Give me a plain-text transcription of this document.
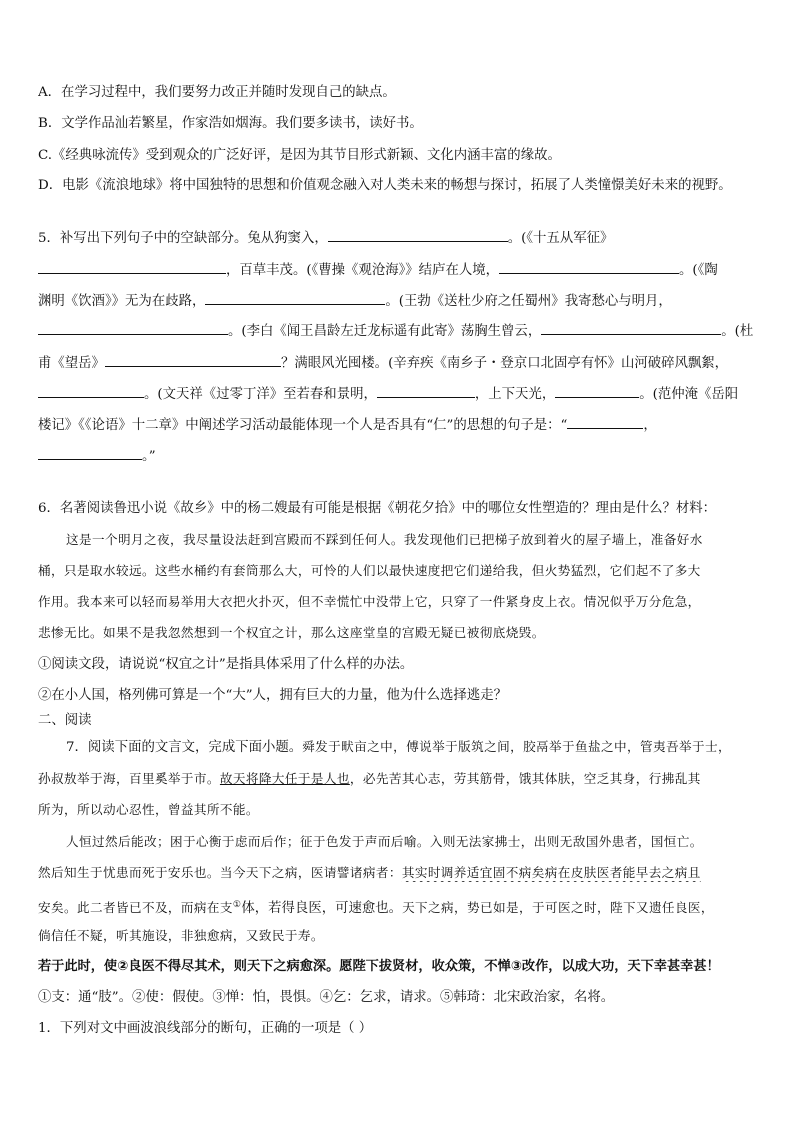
A．在学习过程中，我们要努力改正并随时发现自己的缺点。
B．文学作品汕若繁星，作家浩如烟海。我们要多读书，读好书。
C.《经典咏流传》受到观众的广泛好评，是因为其节目形式新颖、文化内涵丰富的缘故。
D．电影《流浪地球》将中国独特的思想和价值观念融入对人类未来的畅想与探讨，拓展了人类憧憬美好未来的视野。
5．补写出下列句子中的空缺部分。兔从狗窦入，	。(《十五从军征》
，百草丰茂。(《曹操《观沧海》》结庐在人境，	。(《陶
渊明《饮酒》》无为在歧路，	。(王勃《送杜少府之任蜀州》我寄愁心与明月，
。(李白《闻王昌龄左迁龙标遥有此寄》荡胸生曾云，	。(杜
甫《望岳》	？满眼风光囤楼。(辛弃疾《南乡子・登京口北固亭有怀》山河破碎风飘絮，
。(文天祥《过零丁洋》至若春和景明，	，上下天光，	。(范仲淹《岳阳
楼记》《《论语》十二章》中阐述学习活动最能体现一个人是否具有“仁”的思想的句子是：“	，
。”
6．名著阅读鲁迅小说《故乡》中的杨二嫂最有可能是根据《朝花夕拾》中的哪位女性塑造的？理由是什么？材料：
这是一个明月之夜，我尽量设法赶到宫殿而不踩到任何人。我发现他们已把梯子放到着火的屋子墙上，准备好水
桶，只是取水较远。这些水桶约有套筒那么大，可怜的人们以最快速度把它们递给我，但火势猛烈，它们起不了多大
作用。我本来可以轻而易举用大衣把火扑灭，但不幸慌忙中没带上它，只穿了一件紧身皮上衣。情况似乎万分危急，
悲惨无比。如果不是我忽然想到一个权宜之计，那么这座堂皇的宫殿无疑已被彻底烧毁。
①阅读文段，请说说“权宜之计”是指具体采用了什么样的办法。
②在小人国，格列佛可算是一个“大”人，拥有巨大的力量，他为什么选择逃走？
二、阅读
7．阅读下面的文言文，完成下面小题。舜发于畎亩之中，傅说举于版筑之间，胶鬲举于鱼盐之中，管夷吾举于士，
孙叔敖举于海，百里奚举于市。故天将降大任于是人也，必先苦其心志，劳其筋骨，饿其体肤，空乏其身，行拂乱其
所为，所以动心忍性，曾益其所不能。
人恒过然后能改；困于心衡于虑而后作；征于色发于声而后喻。入则无法家拂士，出则无敌国外患者，国恒亡。
然后知生于忧患而死于安乐也。当今天下之病，医请譬诸病者：其实时调养适宜固不病矣病在皮肤医者能早去之病且
安矣。此二者皆已不及，而病在支①体，若得良医，可速愈也。天下之病，势已如是，于可医之时，陛下又遗任良医，
倘信任不疑，听其施设，非独愈病，又致民于寿。
若于此时，使②良医不得尽其术，则天下之病愈深。愿陛下拔贤材，收众策，不惮③改作，以成大功，天下幸甚幸甚！
①支：通“肢”。②使：假使。③惮：怕，畏惧。④乞：乞求，请求。⑤韩琦：北宋政治家，名将。
1．下列对文中画波浪线部分的断句，正确的一项是（ ）
